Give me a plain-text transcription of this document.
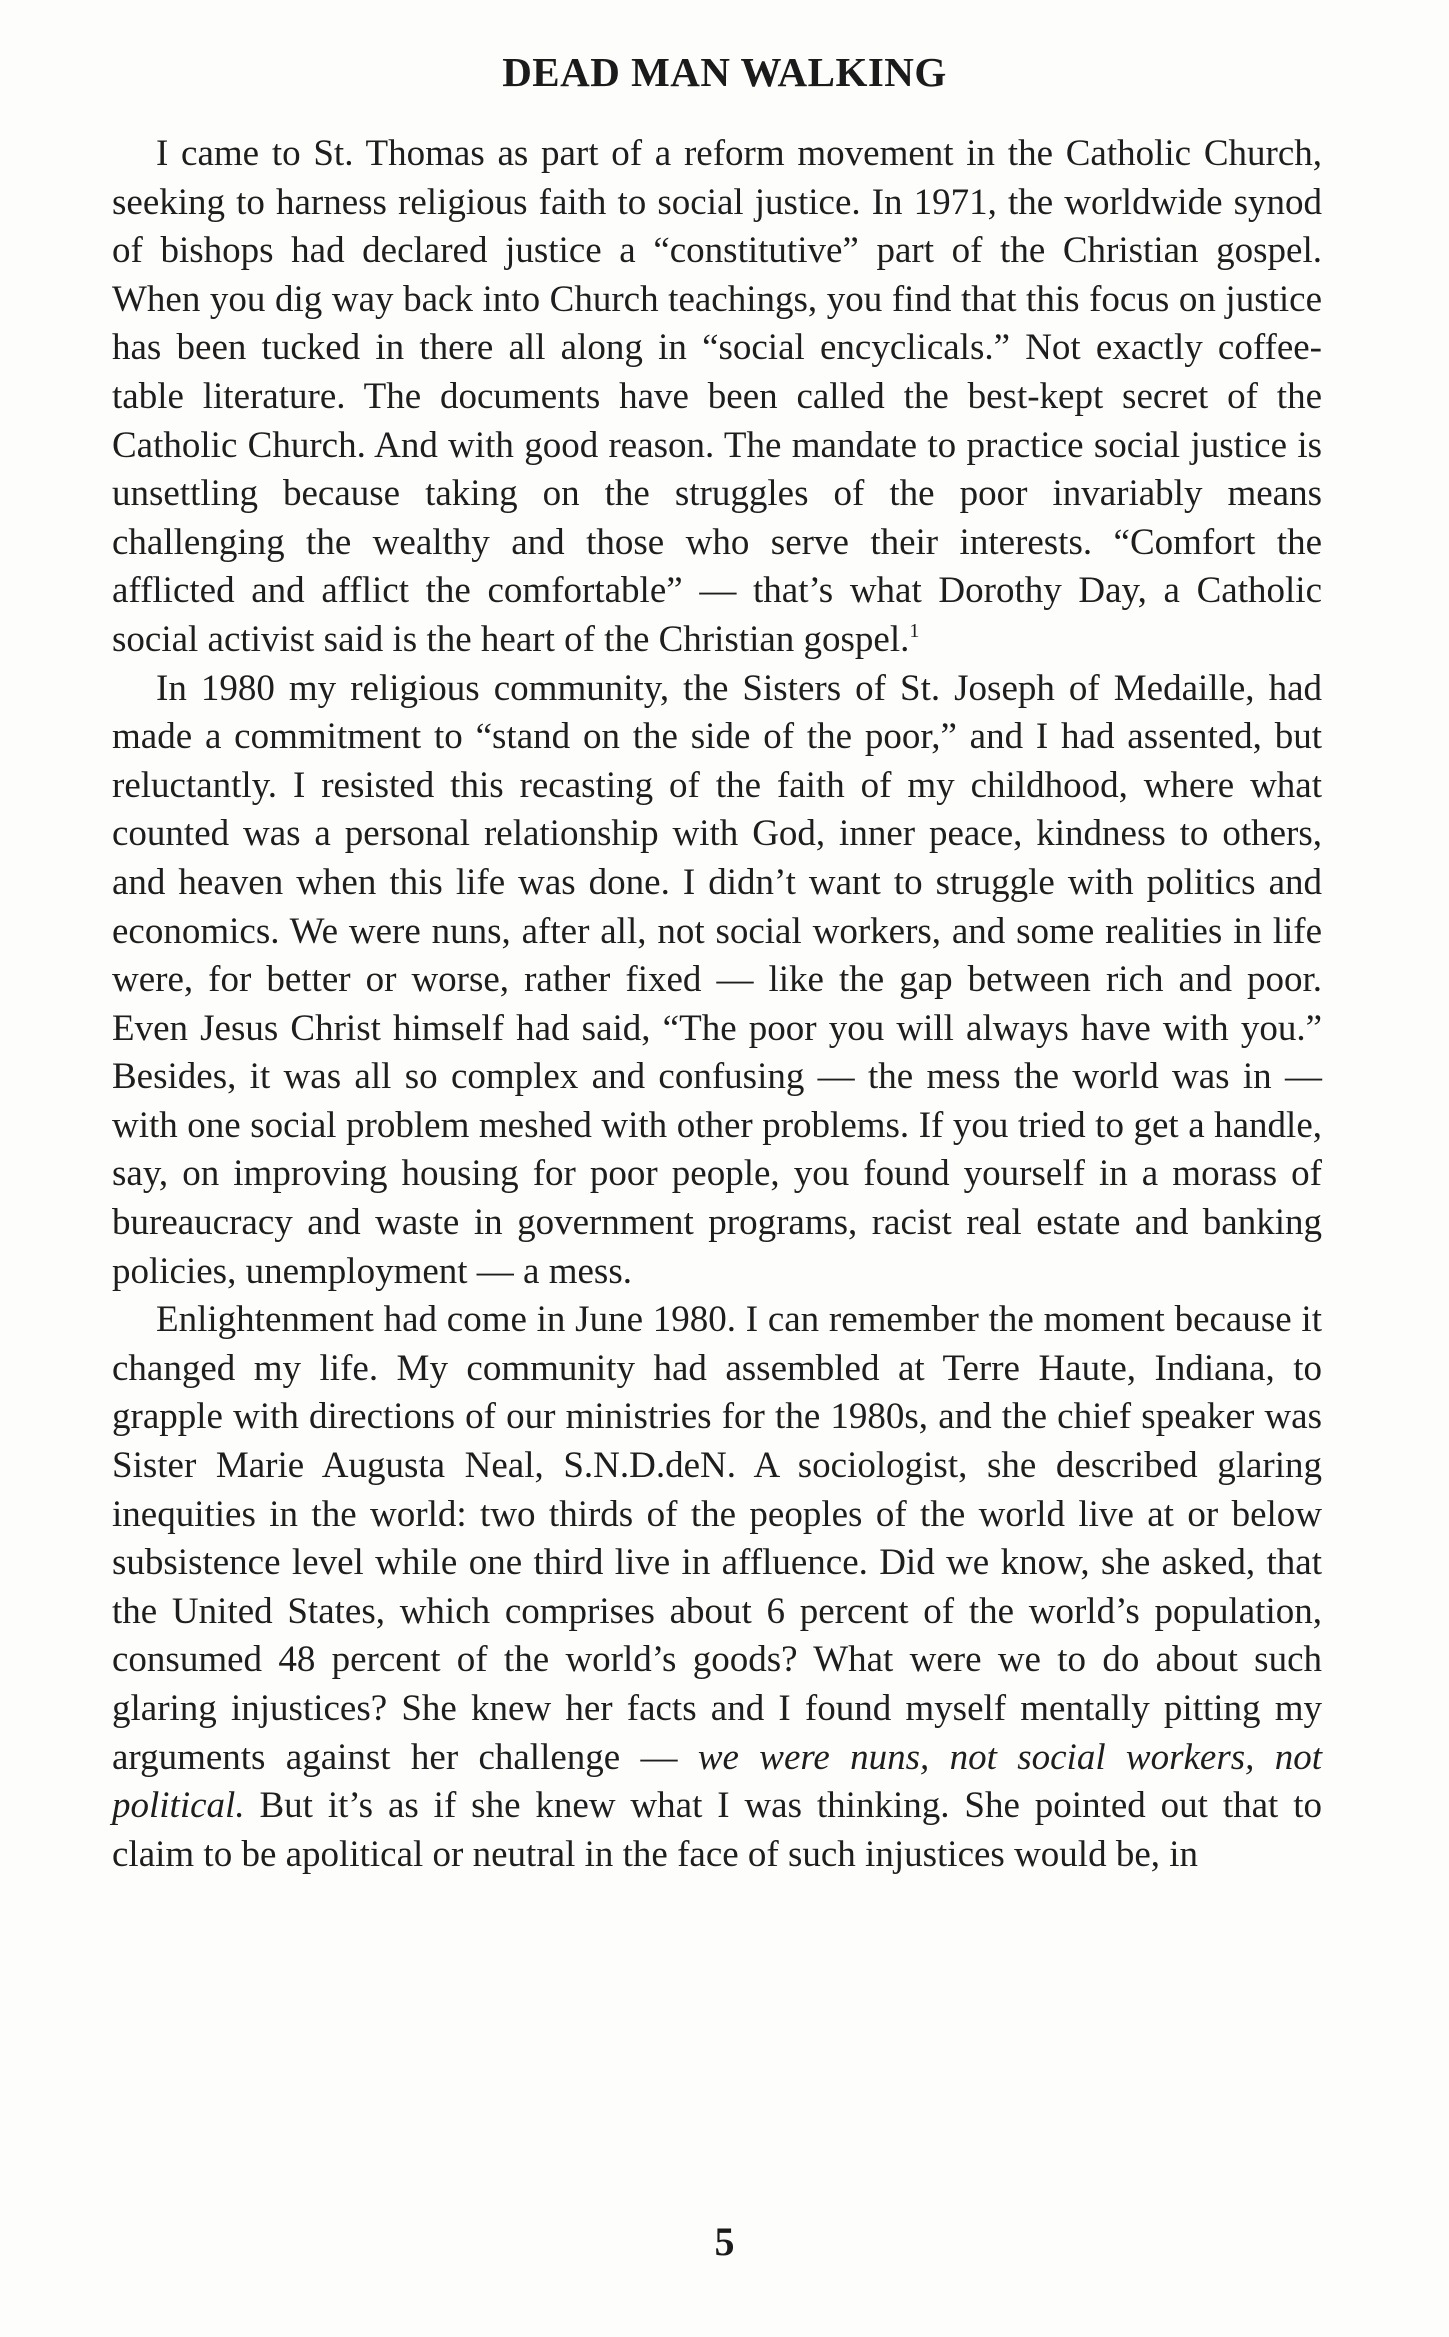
DEAD MAN WALKING

I came to St. Thomas as part of a reform movement in the Catholic Church, seeking to harness religious faith to social justice. In 1971, the worldwide synod of bishops had declared justice a “constitutive” part of the Christian gospel. When you dig way back into Church teachings, you find that this focus on justice has been tucked in there all along in “social encyclicals.” Not exactly coffee-table literature. The documents have been called the best-kept secret of the Catholic Church. And with good reason. The mandate to practice social justice is unsettling because taking on the struggles of the poor invariably means challenging the wealthy and those who serve their interests. “Comfort the afflicted and afflict the comfortable” — that’s what Dorothy Day, a Catholic social activist said is the heart of the Christian gospel.$^1$

In 1980 my religious community, the Sisters of St. Joseph of Medaille, had made a commitment to “stand on the side of the poor,” and I had assented, but reluctantly. I resisted this recasting of the faith of my childhood, where what counted was a personal relationship with God, inner peace, kindness to others, and heaven when this life was done. I didn’t want to struggle with politics and economics. We were nuns, after all, not social workers, and some realities in life were, for better or worse, rather fixed — like the gap between rich and poor. Even Jesus Christ himself had said, “The poor you will always have with you.” Besides, it was all so complex and confusing — the mess the world was in — with one social problem meshed with other problems. If you tried to get a handle, say, on improving housing for poor people, you found yourself in a morass of bureaucracy and waste in government programs, racist real estate and banking policies, unemployment — a mess.

Enlightenment had come in June 1980. I can remember the moment because it changed my life. My community had assembled at Terre Haute, Indiana, to grapple with directions of our ministries for the 1980s, and the chief speaker was Sister Marie Augusta Neal, S.N.D.deN. A sociologist, she described glaring inequities in the world: two thirds of the peoples of the world live at or below subsistence level while one third live in affluence. Did we know, she asked, that the United States, which comprises about 6 percent of the world’s population, consumed 48 percent of the world’s goods? What were we to do about such glaring injustices? She knew her facts and I found myself mentally pitting my arguments against her challenge — we were nuns, not social workers, not political. But it’s as if she knew what I was thinking. She pointed out that to claim to be apolitical or neutral in the face of such injustices would be, in

5
